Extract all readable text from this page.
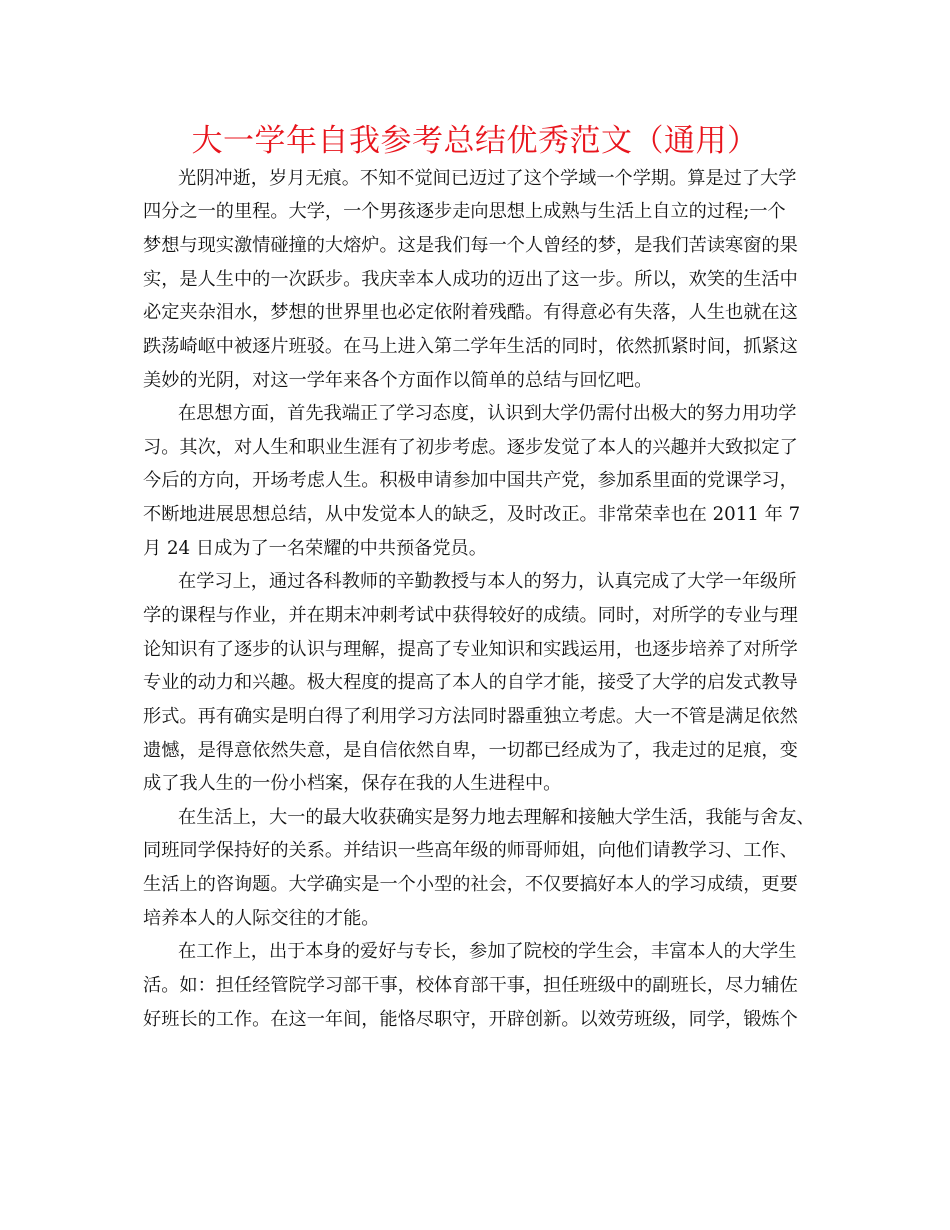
大一学年自我参考总结优秀范文（通用）
光阴冲逝，岁月无痕。不知不觉间已迈过了这个学域一个学期。算是过了大学
四分之一的里程。大学，一个男孩逐步走向思想上成熟与生活上自立的过程;一个
梦想与现实激情碰撞的大熔炉。这是我们每一个人曾经的梦，是我们苦读寒窗的果
实，是人生中的一次跃步。我庆幸本人成功的迈出了这一步。所以，欢笑的生活中
必定夹杂泪水，梦想的世界里也必定依附着残酷。有得意必有失落，人生也就在这
跌荡崎岖中被逐片班驳。在马上进入第二学年生活的同时，依然抓紧时间，抓紧这
美妙的光阴，对这一学年来各个方面作以简单的总结与回忆吧。
在思想方面，首先我端正了学习态度，认识到大学仍需付出极大的努力用功学
习。其次，对人生和职业生涯有了初步考虑。逐步发觉了本人的兴趣并大致拟定了
今后的方向，开场考虑人生。积极申请参加中国共产党，参加系里面的党课学习，
不断地进展思想总结，从中发觉本人的缺乏，及时改正。非常荣幸也在 2011 年 7
月 24 日成为了一名荣耀的中共预备党员。
在学习上，通过各科教师的辛勤教授与本人的努力，认真完成了大学一年级所
学的课程与作业，并在期末冲刺考试中获得较好的成绩。同时，对所学的专业与理
论知识有了逐步的认识与理解，提高了专业知识和实践运用，也逐步培养了对所学
专业的动力和兴趣。极大程度的提高了本人的自学才能，接受了大学的启发式教导
形式。再有确实是明白得了利用学习方法同时器重独立考虑。大一不管是满足依然
遗憾，是得意依然失意，是自信依然自卑，一切都已经成为了，我走过的足痕，变
成了我人生的一份小档案，保存在我的人生进程中。
在生活上，大一的最大收获确实是努力地去理解和接触大学生活，我能与舍友、
同班同学保持好的关系。并结识一些高年级的师哥师姐，向他们请教学习、工作、
生活上的咨询题。大学确实是一个小型的社会，不仅要搞好本人的学习成绩，更要
培养本人的人际交往的才能。
在工作上，出于本身的爱好与专长，参加了院校的学生会，丰富本人的大学生
活。如：担任经管院学习部干事，校体育部干事，担任班级中的副班长，尽力辅佐
好班长的工作。在这一年间，能恪尽职守，开辟创新。以效劳班级，同学，锻炼个
